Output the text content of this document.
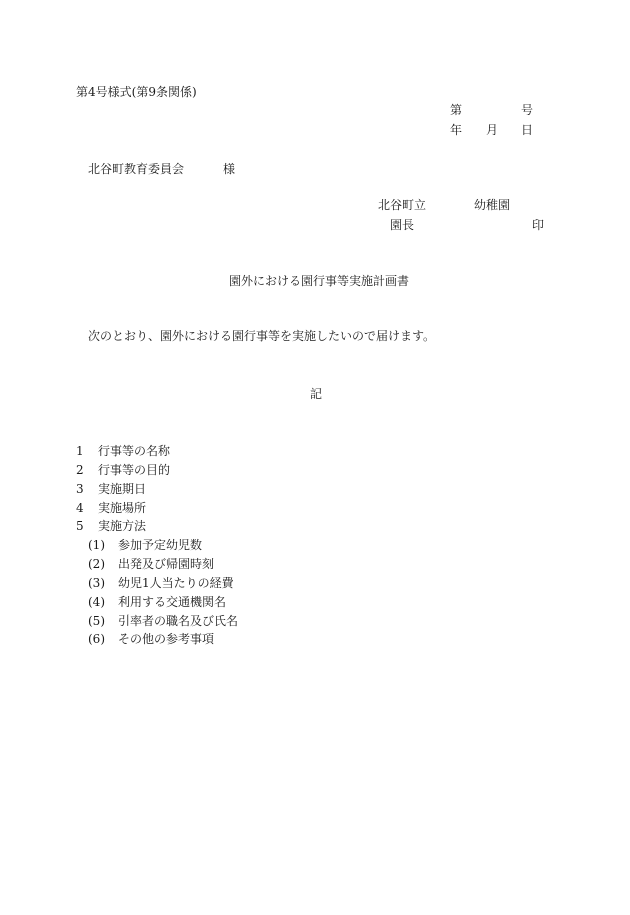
第4号様式(第9条関係)
第	号
年 月 日
北谷町教育委員会	様
北谷町立	幼稚園
園長	印
園外における園行事等実施計画書
次のとおり、園外における園行事等を実施したいので届けます。
記
1 行事等の名称
2 行事等の目的
3 実施期日
4 実施場所
5 実施方法
(1) 参加予定幼児数
(2) 出発及び帰園時刻
(3) 幼児1人当たりの経費
(4) 利用する交通機関名
(5) 引率者の職名及び氏名
(6) その他の参考事項
